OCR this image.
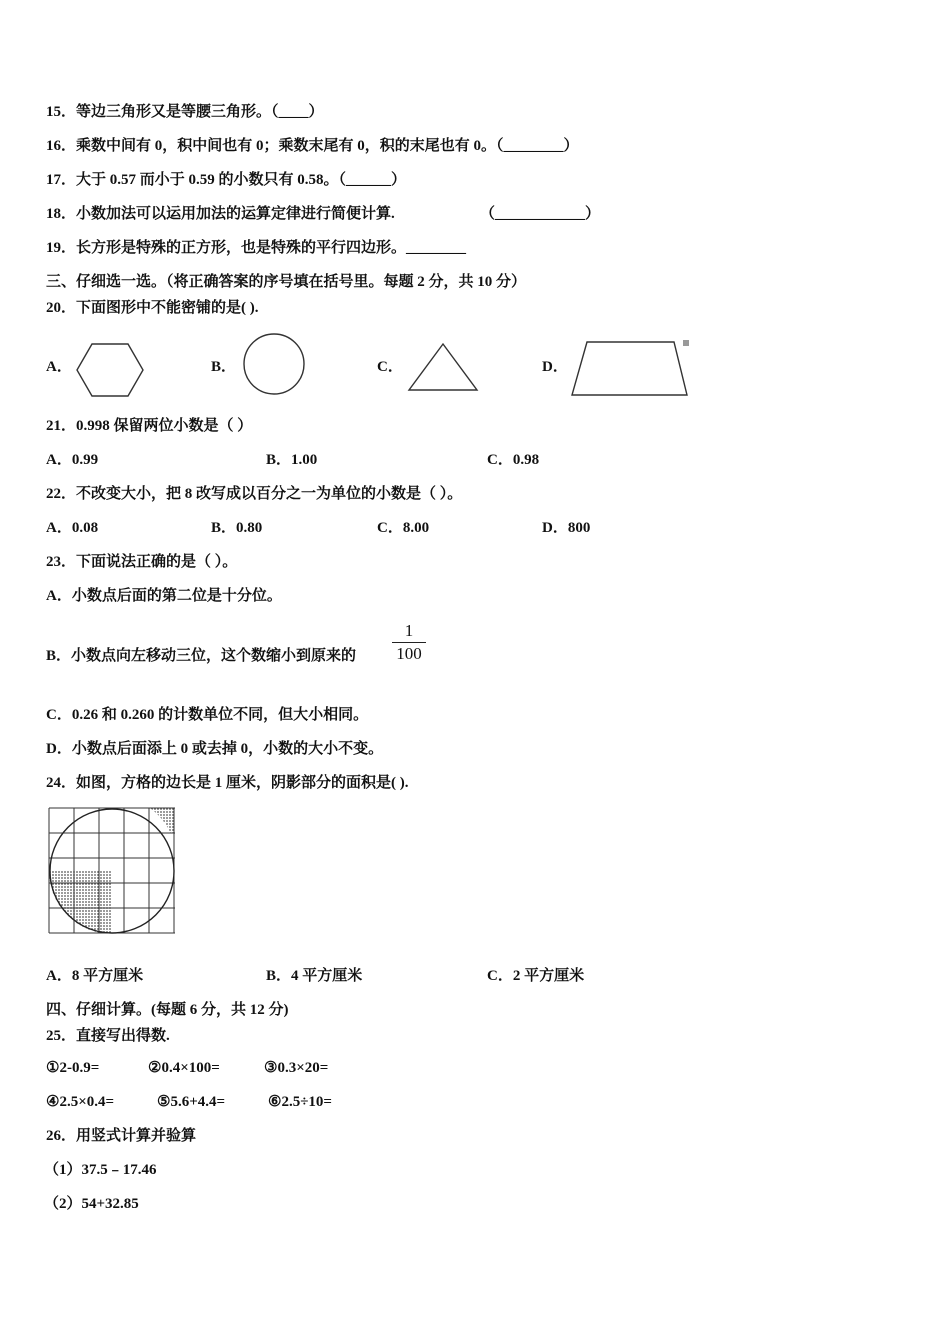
15．等边三角形又是等腰三角形。（____）
16．乘数中间有 0，积中间也有 0；乘数末尾有 0，积的末尾也有 0。（________）
17．大于 0.57 而小于 0.59 的小数只有 0.58。（______）
18．小数加法可以运用加法的运算定律进行简便计算.	（____________）
19．长方形是特殊的正方形，也是特殊的平行四边形。________
三、仔细选一选。（将正确答案的序号填在括号里。每题 2 分，共 10 分）
20．下面图形中不能密铺的是( ).
A．	B．	C．	D．
21．0.998 保留两位小数是（ ）
A．0.99	B．1.00	C．0.98
22．不改变大小，把 8 改写成以百分之一为单位的小数是（ ）。
A．0.08	B．0.80	C．8.00	D．800
23．下面说法正确的是（ ）。
A．小数点后面的第二位是十分位。
B．小数点向左移动三位，这个数缩小到原来的
1
100
C．0.26 和 0.260 的计数单位不同，但大小相同。
D．小数点后面添上 0 或去掉 0，小数的大小不变。
24．如图，方格的边长是 1 厘米，阴影部分的面积是( ).
A．8 平方厘米	B．4 平方厘米	C．2 平方厘米
四、仔细计算。(每题 6 分，共 12 分)
25．直接写出得数.
①2-0.9=	②0.4×100=	③0.3×20=
④2.5×0.4=	⑤5.6+4.4=	⑥2.5÷10=
26．用竖式计算并验算
（1）37.5﹣17.46
（2）54+32.85
